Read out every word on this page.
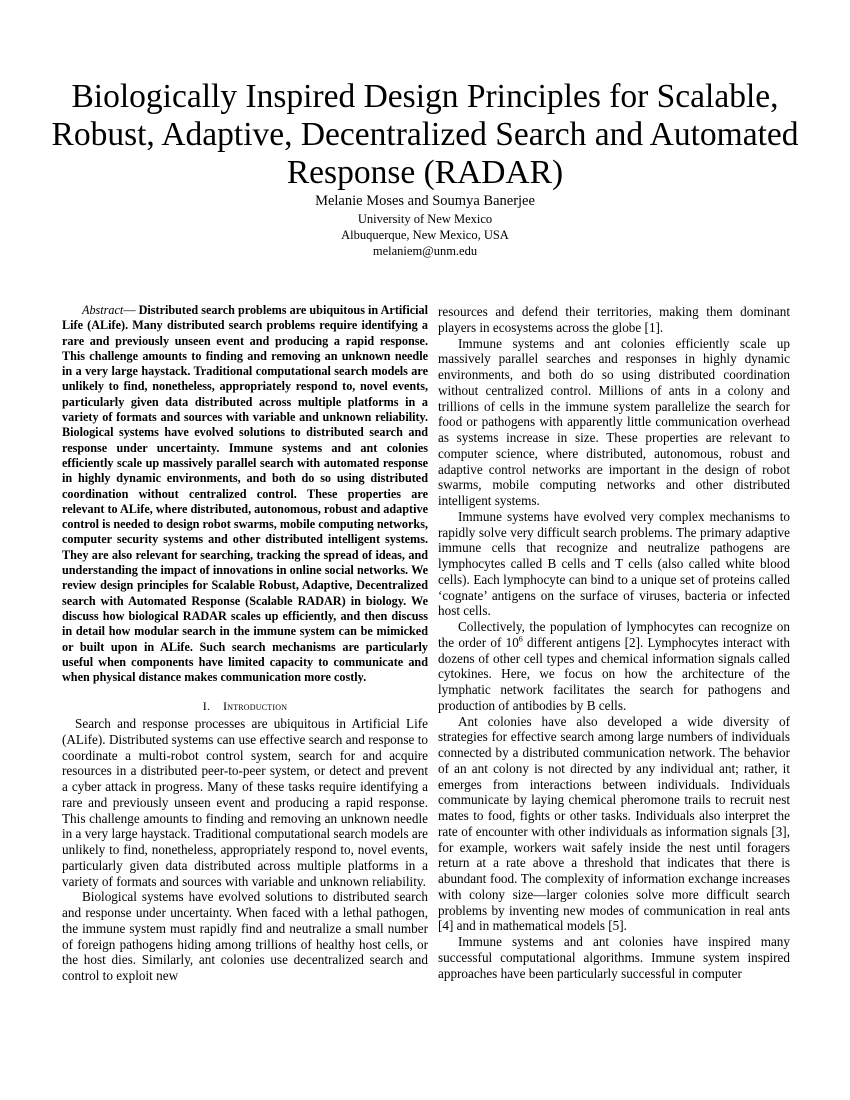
Biologically Inspired Design Principles for Scalable, Robust, Adaptive, Decentralized Search and Automated Response (RADAR)
Melanie Moses and Soumya Banerjee
University of New Mexico
Albuquerque, New Mexico, USA
melaniem@unm.edu

Abstract— Distributed search problems are ubiquitous in Artificial Life (ALife). Many distributed search problems require identifying a rare and previously unseen event and producing a rapid response. This challenge amounts to finding and removing an unknown needle in a very large haystack. Traditional computational search models are unlikely to find, nonetheless, appropriately respond to, novel events, particularly given data distributed across multiple platforms in a variety of formats and sources with variable and unknown reliability. Biological systems have evolved solutions to distributed search and response under uncertainty. Immune systems and ant colonies efficiently scale up massively parallel search with automated response in highly dynamic environments, and both do so using distributed coordination without centralized control. These properties are relevant to ALife, where distributed, autonomous, robust and adaptive control is needed to design robot swarms, mobile computing networks, computer security systems and other distributed intelligent systems. They are also relevant for searching, tracking the spread of ideas, and understanding the impact of innovations in online social networks. We review design principles for Scalable Robust, Adaptive, Decentralized search with Automated Response (Scalable RADAR) in biology. We discuss how biological RADAR scales up efficiently, and then discuss in detail how modular search in the immune system can be mimicked or built upon in ALife. Such search mechanisms are particularly useful when components have limited capacity to communicate and when physical distance makes communication more costly.

I. Introduction

Search and response processes are ubiquitous in Artificial Life (ALife). Distributed systems can use effective search and response to coordinate a multi-robot control system, search for and acquire resources in a distributed peer-to-peer system, or detect and prevent a cyber attack in progress. Many of these tasks require identifying a rare and previously unseen event and producing a rapid response. This challenge amounts to finding and removing an unknown needle in a very large haystack. Traditional computational search models are unlikely to find, nonetheless, appropriately respond to, novel events, particularly given data distributed across multiple platforms in a variety of formats and sources with variable and unknown reliability.

Biological systems have evolved solutions to distributed search and response under uncertainty. When faced with a lethal pathogen, the immune system must rapidly find and neutralize a small number of foreign pathogens hiding among trillions of healthy host cells, or the host dies. Similarly, ant colonies use decentralized search and control to exploit new

resources and defend their territories, making them dominant players in ecosystems across the globe [1].

Immune systems and ant colonies efficiently scale up massively parallel searches and responses in highly dynamic environments, and both do so using distributed coordination without centralized control. Millions of ants in a colony and trillions of cells in the immune system parallelize the search for food or pathogens with apparently little communication overhead as systems increase in size. These properties are relevant to computer science, where distributed, autonomous, robust and adaptive control networks are important in the design of robot swarms, mobile computing networks and other distributed intelligent systems.

Immune systems have evolved very complex mechanisms to rapidly solve very difficult search problems. The primary adaptive immune cells that recognize and neutralize pathogens are lymphocytes called B cells and T cells (also called white blood cells). Each lymphocyte can bind to a unique set of proteins called ‘cognate’ antigens on the surface of viruses, bacteria or infected host cells.

Collectively, the population of lymphocytes can recognize on the order of $10^6$ different antigens [2]. Lymphocytes interact with dozens of other cell types and chemical information signals called cytokines. Here, we focus on how the architecture of the lymphatic network facilitates the search for pathogens and production of antibodies by B cells.

Ant colonies have also developed a wide diversity of strategies for effective search among large numbers of individuals connected by a distributed communication network. The behavior of an ant colony is not directed by any individual ant; rather, it emerges from interactions between individuals. Individuals communicate by laying chemical pheromone trails to recruit nest mates to food, fights or other tasks. Individuals also interpret the rate of encounter with other individuals as information signals [3], for example, workers wait safely inside the nest until foragers return at a rate above a threshold that indicates that there is abundant food. The complexity of information exchange increases with colony size—larger colonies solve more difficult search problems by inventing new modes of communication in real ants [4] and in mathematical models [5].

Immune systems and ant colonies have inspired many successful computational algorithms. Immune system inspired approaches have been particularly successful in computer
